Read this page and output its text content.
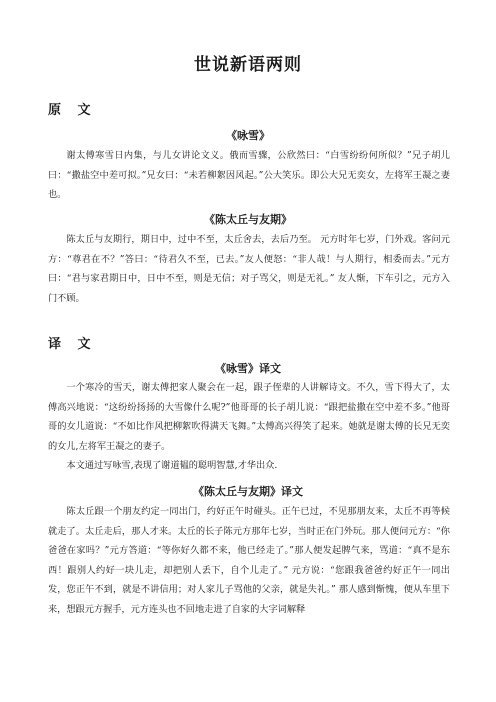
世说新语两则
原 文
《咏雪》

谢太傅寒雪日内集，与儿女讲论文义。俄而雪骤，公欣然曰：“白雪纷纷何所似？”兄子胡儿曰：“撒盐空中差可拟。”兄女曰：“未若柳絮因风起。”公大笑乐。即公大兄无奕女，左将军王凝之妻也。

《陈太丘与友期》

陈太丘与友期行，期日中，过中不至，太丘舍去，去后乃至。 元方时年七岁，门外戏。客问元方：“尊君在不？”答曰：“待君久不至，已去。”友人便怒：“非人哉！与人期行，相委而去。”元方曰：“君与家君期日中，日中不至，则是无信；对子骂父，则是无礼。” 友人惭，下车引之，元方入门不顾。

译 文
《咏雪》译文

一个寒冷的雪天，谢太傅把家人聚会在一起，跟子侄辈的人讲解诗文。不久，雪下得大了，太傅高兴地说：“这纷纷扬扬的大雪像什么呢?”他哥哥的长子胡儿说：“跟把盐撒在空中差不多。”他哥哥的女儿道说：“不如比作风把柳絮吹得满天飞舞。”太傅高兴得笑了起来。她就是谢太傅的长兄无奕的女儿,左将军王凝之的妻子。

本文通过写咏雪,表现了谢道韫的聪明智慧,才华出众.

《陈太丘与友期》译文

陈太丘跟一个朋友约定一同出门，约好正午时碰头。正午已过，不见那朋友来，太丘不再等候就走了。太丘走后，那人才来。太丘的长子陈元方那年七岁，当时正在门外玩。那人便问元方：“你爸爸在家吗？”元方答道：“等你好久都不来，他已经走了。”那人便发起脾气来，骂道：“真不是东西！跟别人约好一块儿走，却把别人丢下，自个儿走了。” 元方说：“您跟我爸爸约好正午一同出发，您正午不到，就是不讲信用；对人家儿子骂他的父亲，就是失礼。” 那人感到惭愧，便从车里下来，想跟元方握手，元方连头也不回地走进了自家的大字词解释
